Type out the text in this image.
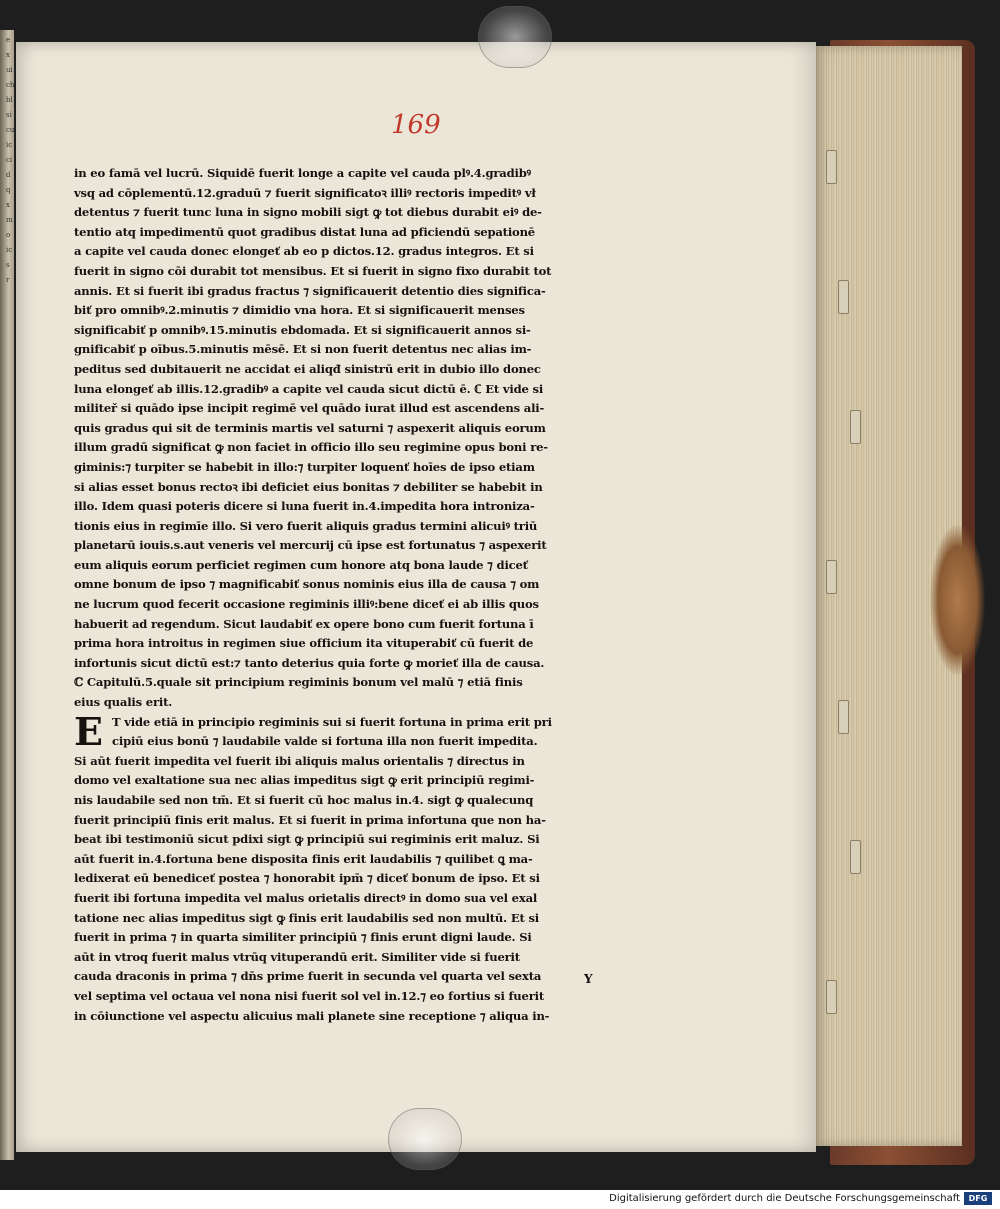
e
x
ui
ch
bl
si
cu
ic
ci
d
q
x
m
o
ic
s
r
169
in eo famā vel lucrū. Siquidē fuerit longe a capite vel cauda plꝰ.4.gradibꝰ
vsq ad cōplementū.12.graduū ⁊ fuerit significatoꝛ illiꝰ rectoris impeditꝰ vł
detentus ⁊ fuerit tunc luna in signo mobili sigt ꝙ tot diebus durabit eiꝰ de-
tentio atq impedimentū quot gradibus distat luna ad pficiendū sepationē
a capite vel cauda donec elongeť ab eo p dictos.12. gradus integros. Et si
fuerit in signo cōi durabit tot mensibus. Et si fuerit in signo fixo durabit tot
annis. Et si fuerit ibi gradus fractus ⁊ significauerit detentio dies significa-
biť pro omnibꝰ.2.minutis ⁊ dimidio vna hora. Et si significauerit menses
significabiť p omnibꝰ.15.minutis ebdomada. Et si significauerit annos si-
gnificabiť p oībus.5.minutis mēsē. Et si non fuerit detentus nec alias im-
peditus sed dubitauerit ne accidat ei aliqđ sinistrū erit in dubio illo donec
luna elongeť ab illis.12.gradibꝰ a capite vel cauda sicut dictū ē. ℂ Et vide si
militeř si quādo ipse incipit regimē vel quādo iurat illud est ascendens ali-
quis gradus qui sit de terminis martis vel saturni ⁊ aspexerit aliquis eorum
illum gradū significat ꝙ non faciet in officio illo seu regimine opus boni re-
giminis:⁊ turpiter se habebit in illo:⁊ turpiter loquenť hoīes de ipso etiam
si alias esset bonus rectoꝛ ibi deficiet eius bonitas ⁊ debiliter se habebit in
illo. Idem quasi poteris dicere si luna fuerit in.4.impedita hora introniza-
tionis eius in regimīe illo. Si vero fuerit aliquis gradus termini alicuiꝰ triū
planetarū iouis.s.aut veneris vel mercurij cū ipse est fortunatus ⁊ aspexerit
eum aliquis eorum perficiet regimen cum honore atq bona laude ⁊ diceť
omne bonum de ipso ⁊ magnificabiť sonus nominis eius illa de causa ⁊ om
ne lucrum quod fecerit occasione regiminis illiꝰ:bene diceť ei ab illis quos
habuerit ad regendum. Sicut laudabiť ex opere bono cum fuerit fortuna ī
prima hora introitus in regimen siue officium ita vituperabiť cū fuerit de
infortunis sicut dictū est:⁊ tanto deterius quia forte ꝙ morieť illa de causa.
ℂ Capitulū.5.quale sit principium regiminis bonum vel malū ⁊ etiā finis
eius qualis erit.
E T vide etiā in principio regiminis sui si fuerit fortuna in prima erit pri
cipiū eius bonū ⁊ laudabile valde si fortuna illa non fuerit impedita.
Si aūt fuerit impedita vel fuerit ibi aliquis malus orientalis ⁊ directus in
domo vel exaltatione sua nec alias impeditus sigt ꝙ erit principiū regimi-
nis laudabile sed non tm̄. Et si fuerit cū hoc malus in.4. sigt ꝙ qualecunq
fuerit principiū finis erit malus. Et si fuerit in prima infortuna que non ha-
beat ibi testimoniū sicut pdixi sigt ꝙ principiū sui regiminis erit maluz. Si
aūt fuerit in.4.fortuna bene disposita finis erit laudabilis ⁊ quilibet ꝗ ma-
ledixerat eū benediceť postea ⁊ honorabit ipm̄ ⁊ diceť bonum de ipso. Et si
fuerit ibi fortuna impedita vel malus orietalis directꝰ in domo sua vel exal
tatione nec alias impeditus sigt ꝙ finis erit laudabilis sed non multū. Et si
fuerit in prima ⁊ in quarta similiter principiū ⁊ finis erunt digni laude. Si
aūt in vtroq fuerit malus vtrūq vituperandū erit. Similiter vide si fuerit
cauda draconis in prima ⁊ dn̄s prime fuerit in secunda vel quarta vel sexta
vel septima vel octaua vel nona nisi fuerit sol vel in.12.⁊ eo fortius si fuerit
in cōiunctione vel aspectu alicuius mali planete sine receptione ⁊ aliqua in-
Y
Digitalisierung gefördert durch die Deutsche Forschungsgemeinschaft	DFG
